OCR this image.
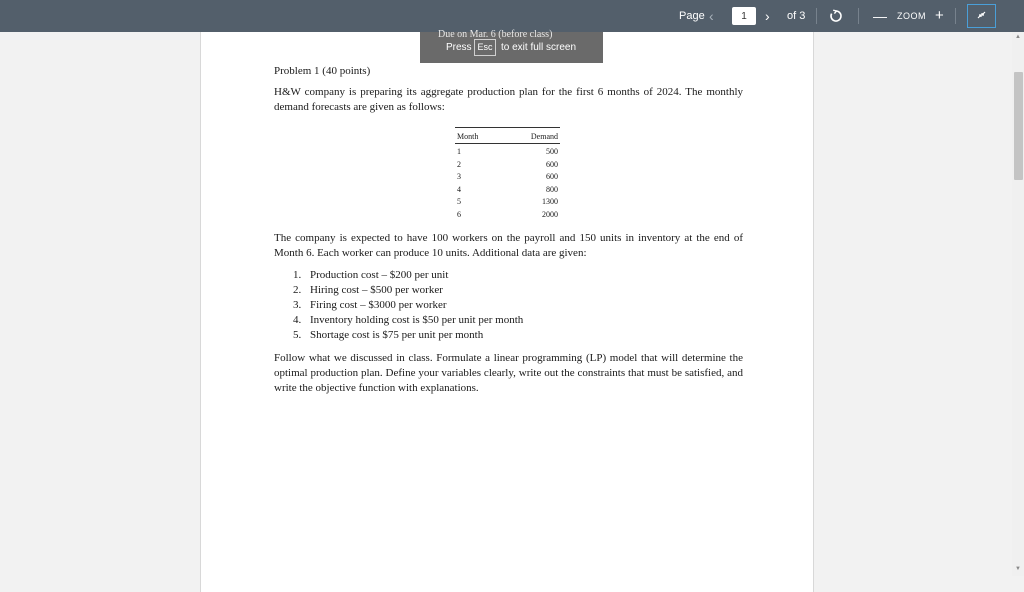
Page ‹
1	› of 3	— ZOOM +
Due on Mar. 6 (before class)
Press Esc to exit full screen
Problem 1 (40 points)

H&W company is preparing its aggregate production plan for the first 6 months of 2024. The monthly demand forecasts are given as follows:

Month	Demand
1	500
2	600
3	600
4	800
5	1300
6	2000

The company is expected to have 100 workers on the payroll and 150 units in inventory at the end of Month 6. Each worker can produce 10 units. Additional data are given:

1. Production cost – $200 per unit
2. Hiring cost – $500 per worker
3. Firing cost – $3000 per worker
4. Inventory holding cost is $50 per unit per month
5. Shortage cost is $75 per unit per month

Follow what we discussed in class. Formulate a linear programming (LP) model that will determine the optimal production plan. Define your variables clearly, write out the constraints that must be satisfied, and write the objective function with explanations.

▲
▼
